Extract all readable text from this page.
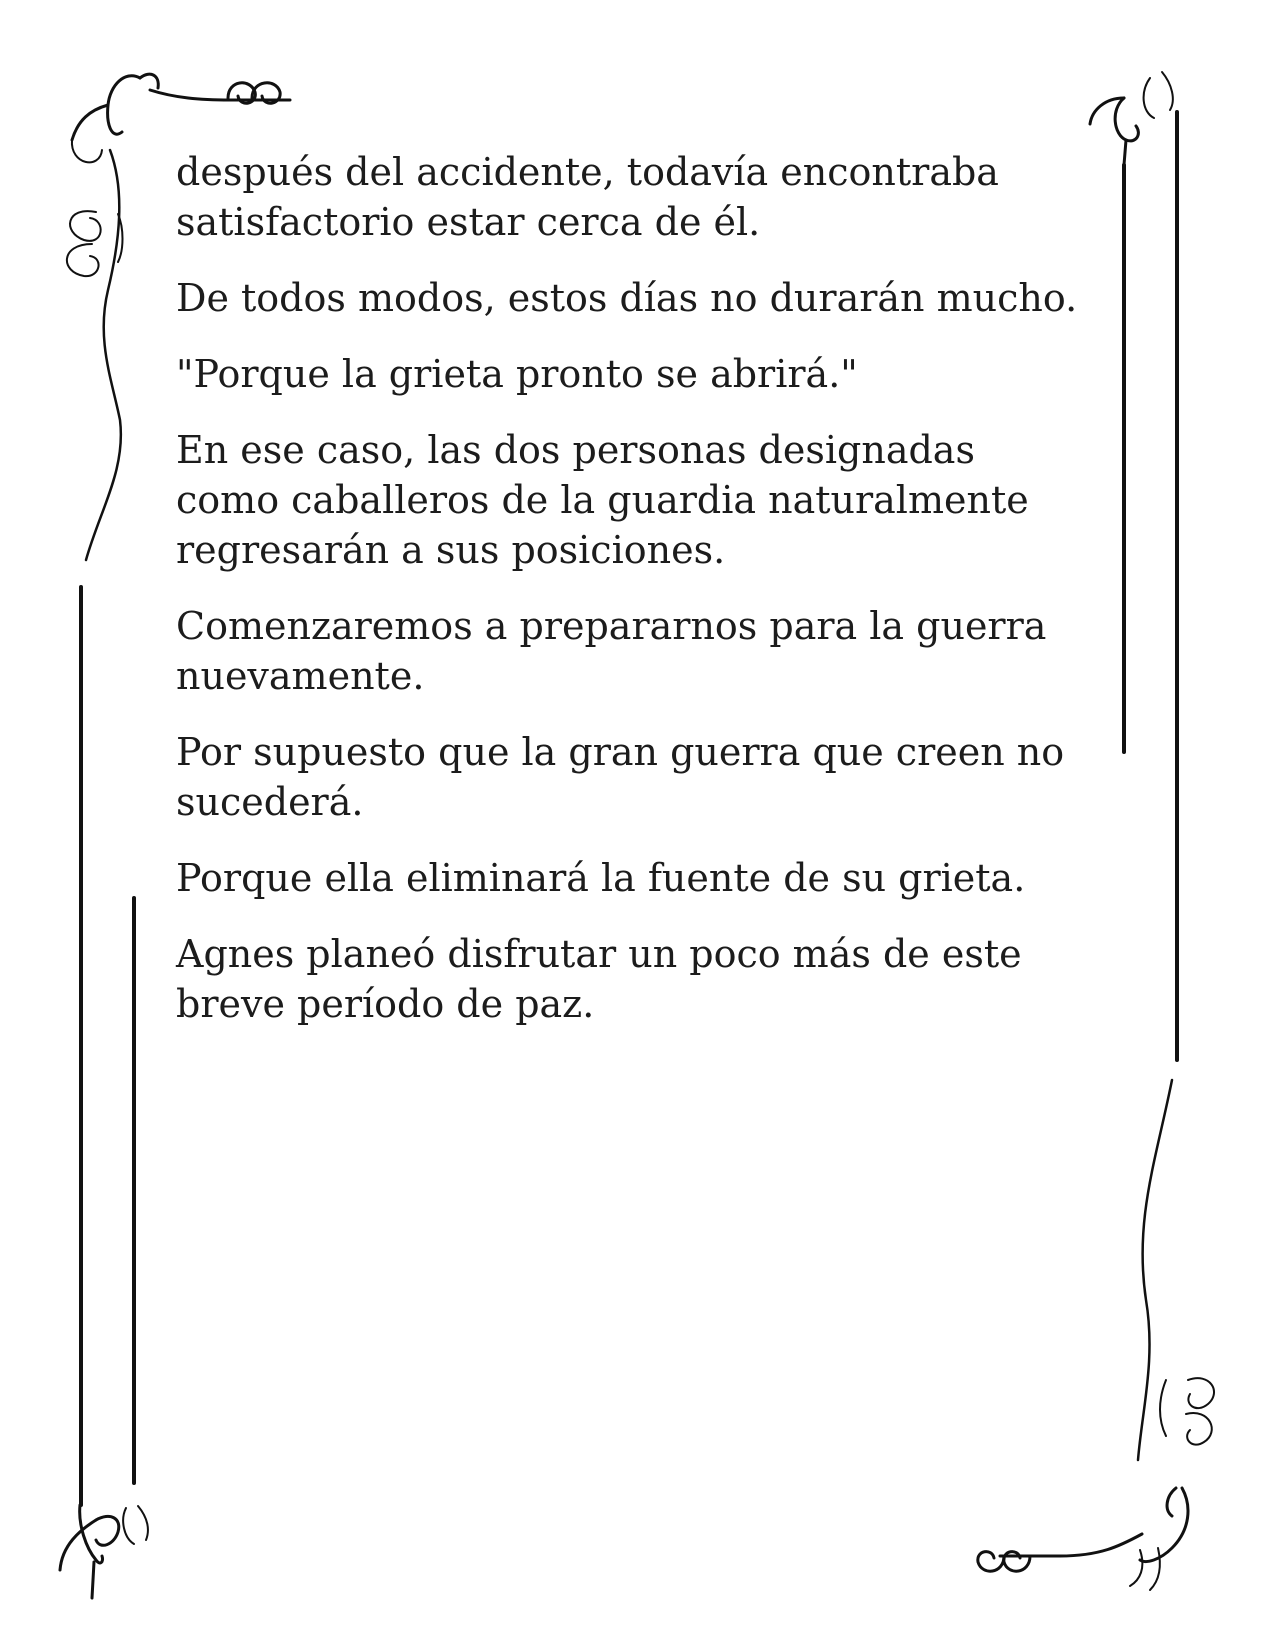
después del accidente, todavía encontraba satisfactorio estar cerca de él.

De todos modos, estos días no durarán mucho.

"Porque la grieta pronto se abrirá."

En ese caso, las dos personas designadas como caballeros de la guardia naturalmente regresarán a sus posiciones.

Comenzaremos a prepararnos para la guerra nuevamente.

Por supuesto que la gran guerra que creen no sucederá.

Porque ella eliminará la fuente de su grieta.

Agnes planeó disfrutar un poco más de este breve período de paz.
